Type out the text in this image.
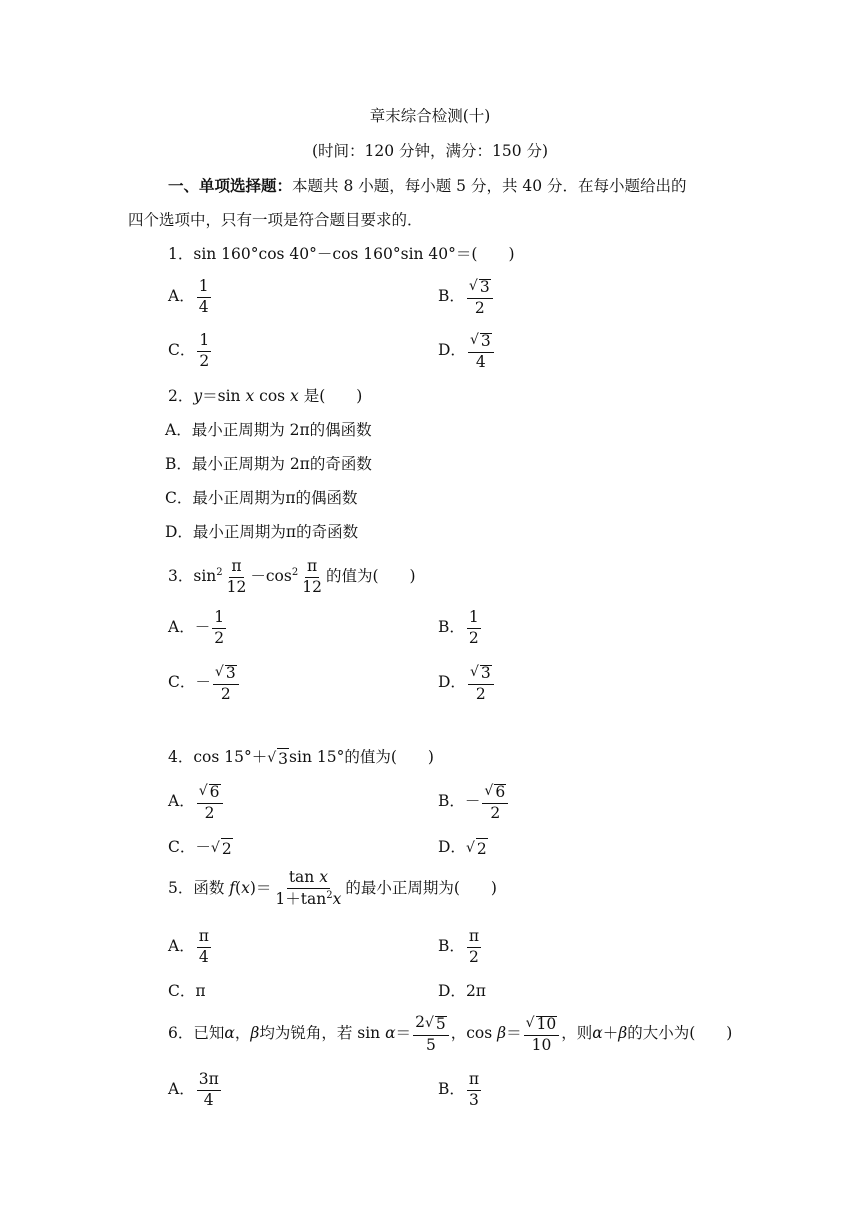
章末综合检测(十)
(时间：120 分钟，满分：150 分)
一、单项选择题：本题共 8 小题，每小题 5 分，共 40 分．在每小题给出的
四个选项中，只有一项是符合题目要求的．
1．sin 160°cos 40°－cos 160°sin 40°＝(　　)
A． $\frac{1}{4}$	B． $\frac{√ 3}{2}$
C． $\frac{1}{2}$	D． $\frac{√ 3}{4}$
2．y＝sin x cos x 是(　　)
A．最小正周期为 2π的偶函数
B．最小正周期为 2π的奇函数
C．最小正周期为π的偶函数
D．最小正周期为π的奇函数
3．$\sin^2 \frac{\pi}{12} -\cos^2 \frac{\pi}{12}$ 的值为(　　)
A．－ $\frac{1}{2}$	B． $\frac{1}{2}$
C．－ $\frac{√ 3}{2}$	D． $\frac{√ 3}{2}$
4．cos 15°＋ √ 3 sin 15°的值为(　　)
A． $\frac{√ 6}{2}$	B．－ $\frac{√ 6}{2}$
C．－ √ 2	D． √ 2
5．函数 $f(x)= \frac{\text{tan x}}{1+\tan^2x}$ 的最小正周期为(　　)
A． $\frac{\pi}{4}$	B． $\frac{\pi}{2}$
C．π	D．2π
6．已知α，β均为锐角，若 $\sin \alpha= \frac{2 √ 5}{5}$ ，$\cos \beta= \frac{√ 10}{10}$ ，则α＋β的大小为(　　)
A． $\frac{3\pi}{4}$	B． $\frac{\pi}{3}$
